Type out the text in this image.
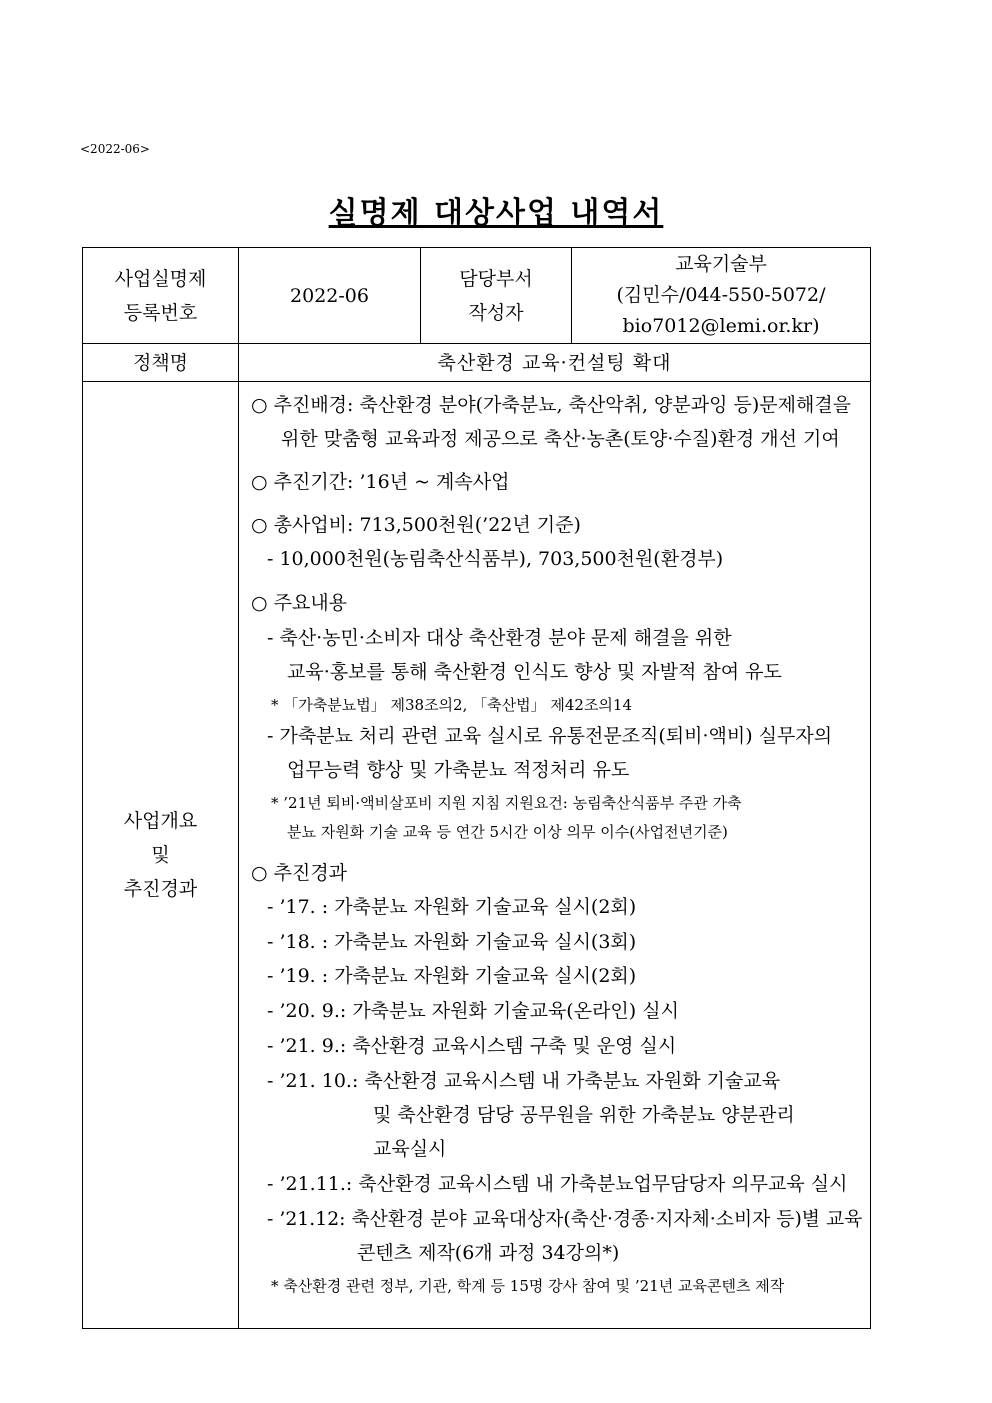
<2022-06>
실명제 대상사업 내역서
사업실명제
등록번호
2022-06
담당부서
작성자
교육기술부
(김민수/044-550-5072/
bio7012@lemi.or.kr)
정책명	축산환경 교육·컨설팅 확대
사업개요
및
추진경과
○ 추진배경: 축산환경 분야(가축분뇨, 축산악취, 양분과잉 등)문제해결을
위한 맞춤형 교육과정 제공으로 축산·농촌(토양·수질)환경 개선 기여
○ 추진기간: ’16년 ~ 계속사업
○ 총사업비: 713,500천원(’22년 기준)
- 10,000천원(농림축산식품부), 703,500천원(환경부)
○ 주요내용
- 축산·농민·소비자 대상 축산환경 분야 문제 해결을 위한
교육·홍보를 통해 축산환경 인식도 향상 및 자발적 참여 유도
* 「가축분뇨법」 제38조의2, 「축산법」 제42조의14
- 가축분뇨 처리 관련 교육 실시로 유통전문조직(퇴비·액비) 실무자의
업무능력 향상 및 가축분뇨 적정처리 유도
* ’21년 퇴비·액비살포비 지원 지침 지원요건: 농림축산식품부 주관 가축
분뇨 자원화 기술 교육 등 연간 5시간 이상 의무 이수(사업전년기준)
○ 추진경과
- ’17. : 가축분뇨 자원화 기술교육 실시(2회)
- ’18. : 가축분뇨 자원화 기술교육 실시(3회)
- ’19. : 가축분뇨 자원화 기술교육 실시(2회)
- ’20. 9.: 가축분뇨 자원화 기술교육(온라인) 실시
- ’21. 9.: 축산환경 교육시스템 구축 및 운영 실시
- ’21. 10.: 축산환경 교육시스템 내 가축분뇨 자원화 기술교육
및 축산환경 담당 공무원을 위한 가축분뇨 양분관리
교육실시
- ’21.11.: 축산환경 교육시스템 내 가축분뇨업무담당자 의무교육 실시
- ’21.12: 축산환경 분야 교육대상자(축산·경종·지자체·소비자 등)별 교육
콘텐츠 제작(6개 과정 34강의*)
* 축산환경 관련 정부, 기관, 학계 등 15명 강사 참여 및 ’21년 교육콘텐츠 제작
